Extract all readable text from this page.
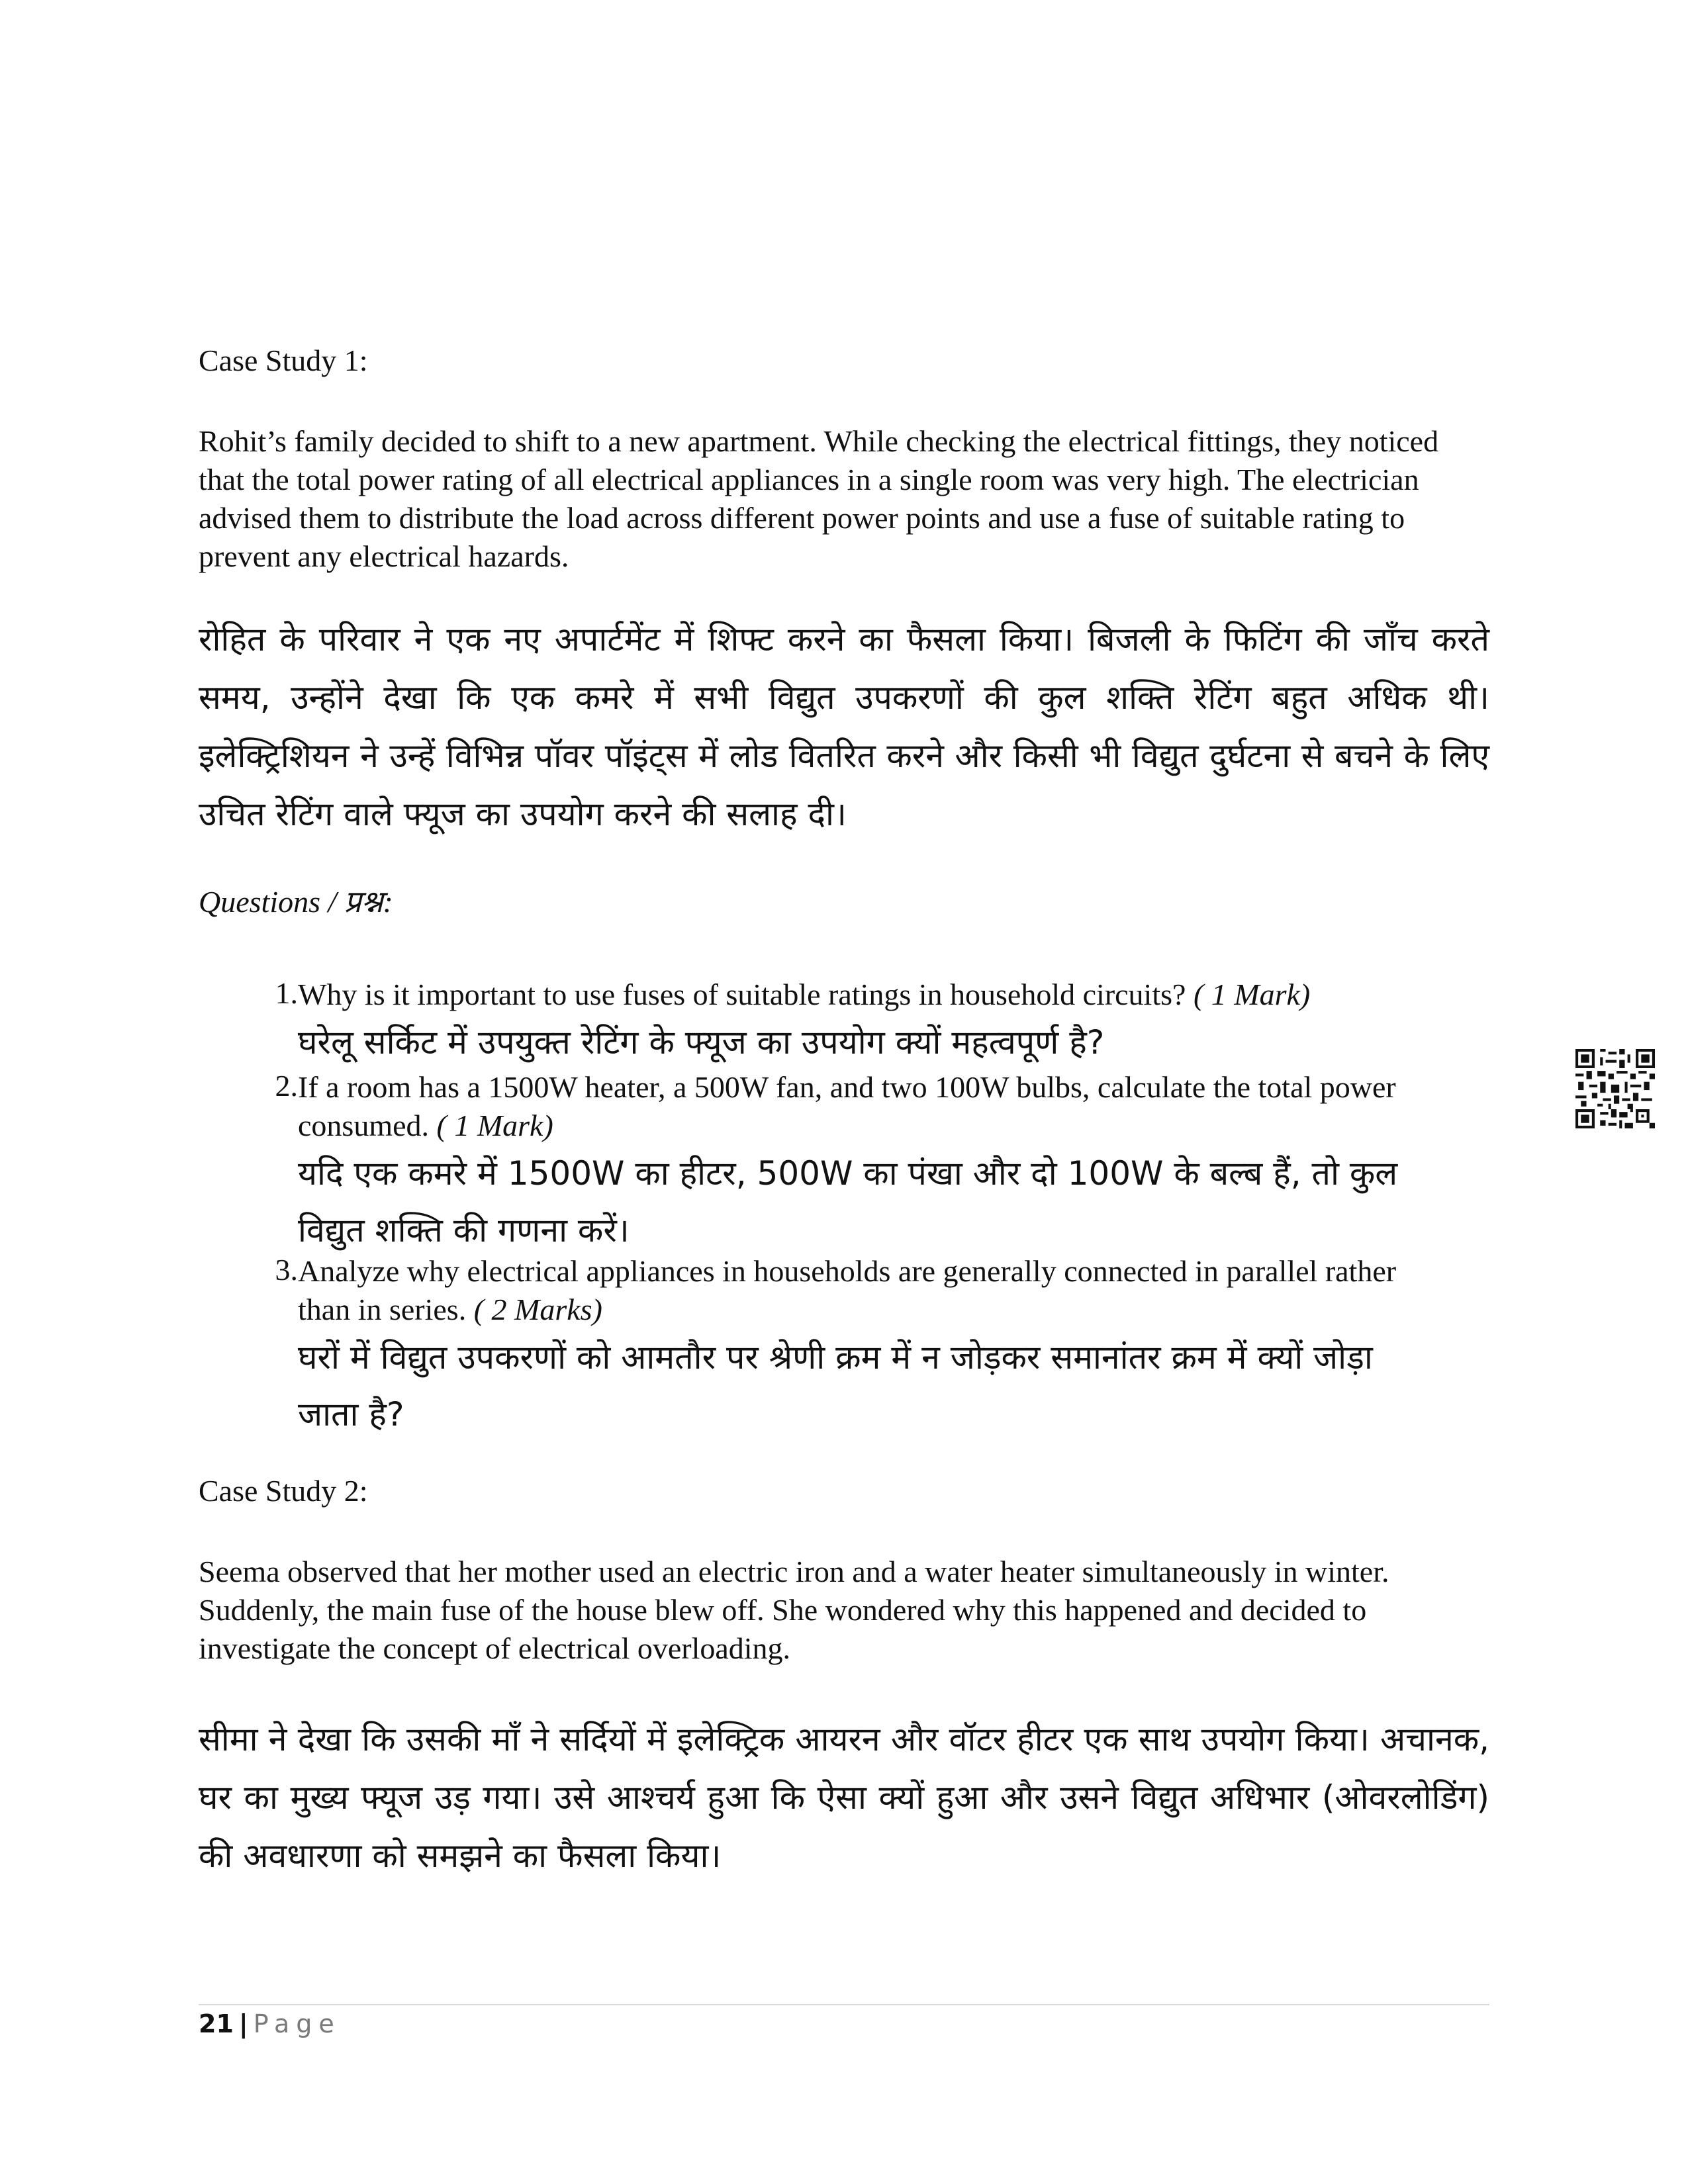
Case Study 1:
Rohit’s family decided to shift to a new apartment. While checking the electrical fittings, they noticed that the total power rating of all electrical appliances in a single room was very high. The electrician advised them to distribute the load across different power points and use a fuse of suitable rating to prevent any electrical hazards.
रोहित के परिवार ने एक नए अपार्टमेंट में शिफ्ट करने का फैसला किया। बिजली के फिटिंग की जाँच करते समय, उन्होंने देखा कि एक कमरे में सभी विद्युत उपकरणों की कुल शक्ति रेटिंग बहुत अधिक थी। इलेक्ट्रिशियन ने उन्हें विभिन्न पॉवर पॉइंट्स में लोड वितरित करने और किसी भी विद्युत दुर्घटना से बचने के लिए उचित रेटिंग वाले फ्यूज का उपयोग करने की सलाह दी।
Questions / प्रश्न:
1. Why is it important to use fuses of suitable ratings in household circuits? ( 1 Mark)
घरेलू सर्किट में उपयुक्त रेटिंग के फ्यूज का उपयोग क्यों महत्वपूर्ण है?
2. If a room has a 1500W heater, a 500W fan, and two 100W bulbs, calculate the total power consumed. ( 1 Mark)
यदि एक कमरे में 1500W का हीटर, 500W का पंखा और दो 100W के बल्ब हैं, तो कुल विद्युत शक्ति की गणना करें।
3. Analyze why electrical appliances in households are generally connected in parallel rather than in series. ( 2 Marks)
घरों में विद्युत उपकरणों को आमतौर पर श्रेणी क्रम में न जोड़कर समानांतर क्रम में क्यों जोड़ा जाता है?
Case Study 2:
Seema observed that her mother used an electric iron and a water heater simultaneously in winter. Suddenly, the main fuse of the house blew off. She wondered why this happened and decided to investigate the concept of electrical overloading.
सीमा ने देखा कि उसकी माँ ने सर्दियों में इलेक्ट्रिक आयरन और वॉटर हीटर एक साथ उपयोग किया। अचानक, घर का मुख्य फ्यूज उड़ गया। उसे आश्चर्य हुआ कि ऐसा क्यों हुआ और उसने विद्युत अधिभार (ओवरलोडिंग) की अवधारणा को समझने का फैसला किया।
21 | Page
